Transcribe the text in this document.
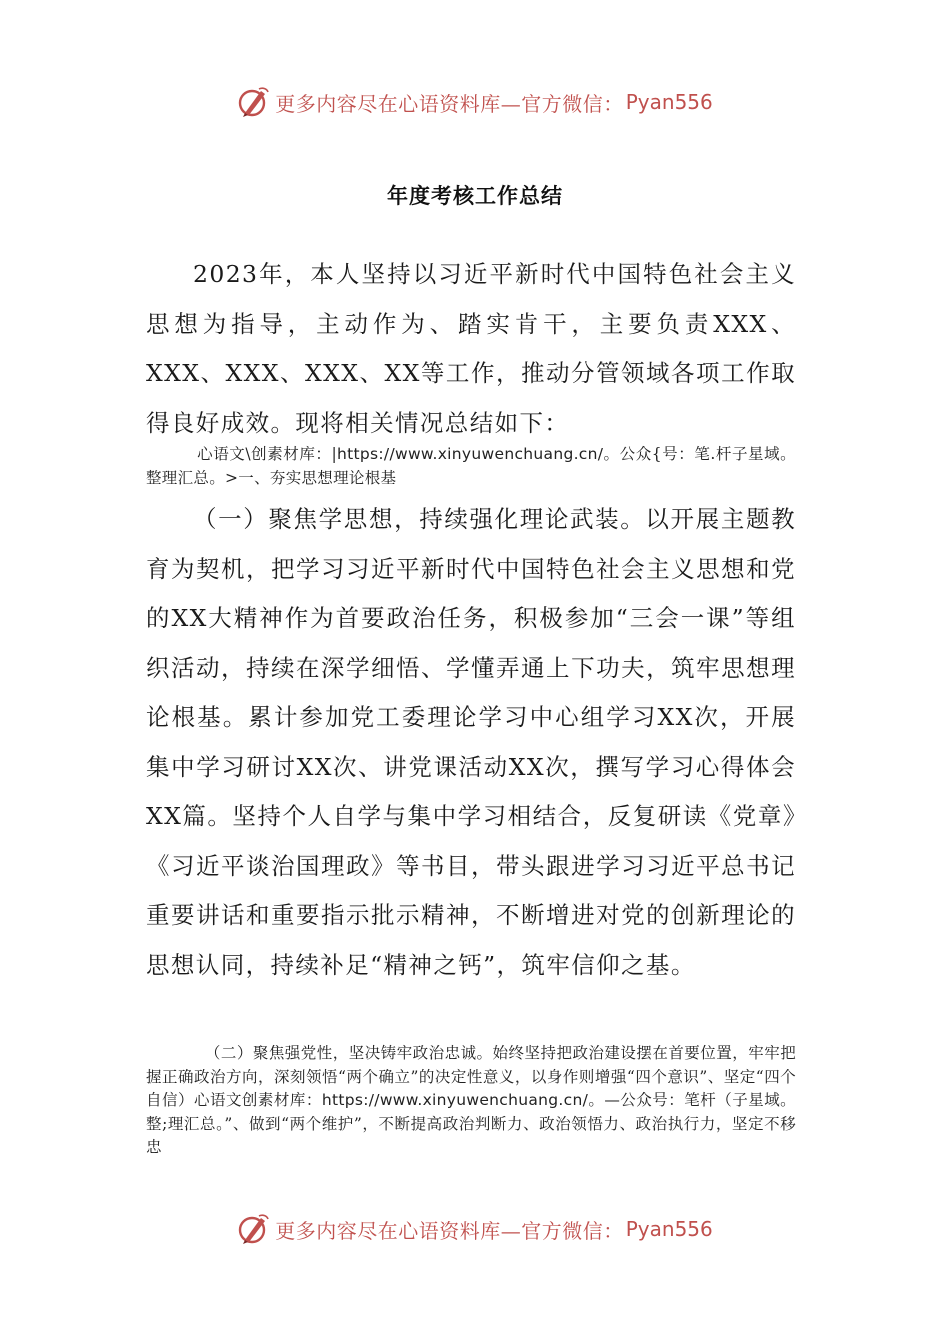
更多内容尽在心语资料库—官方微信： Pyan556
年度考核工作总结

2023年，本人坚持以习近平新时代中国特色社会主义思想为指导，主动作为、踏实肯干，主要负责XXX、XXX、XXX、XXX、XX等工作，推动分管领域各项工作取得良好成效。现将相关情况总结如下：

心语文\创素材库：|https://www.xinyuwenchuang.cn/。公众{号：笔.杆子星域。整理汇总。>一、夯实思想理论根基

（一）聚焦学思想，持续强化理论武装。以开展主题教育为契机，把学习习近平新时代中国特色社会主义思想和党的XX大精神作为首要政治任务，积极参加“三会一课”等组织活动，持续在深学细悟、学懂弄通上下功夫，筑牢思想理论根基。累计参加党工委理论学习中心组学习XX次，开展集中学习研讨XX次、讲党课活动XX次，撰写学习心得体会XX篇。坚持个人自学与集中学习相结合，反复研读《党章》《习近平谈治国理政》等书目，带头跟进学习习近平总书记重要讲话和重要指示批示精神，不断增进对党的创新理论的思想认同，持续补足“精神之钙”，筑牢信仰之基。

（二）聚焦强党性，坚决铸牢政治忠诚。始终坚持把政治建设摆在首要位置，牢牢把握正确政治方向，深刻领悟“两个确立”的决定性意义，以身作则增强“四个意识”、坚定“四个自信）心语文创素材库：https://www.xinyuwenchuang.cn/。—公众号：笔杆（子星域。整;理汇总。”、做到“两个维护”，不断提高政治判断力、政治领悟力、政治执行力，坚定不移忠

更多内容尽在心语资料库—官方微信： Pyan556
